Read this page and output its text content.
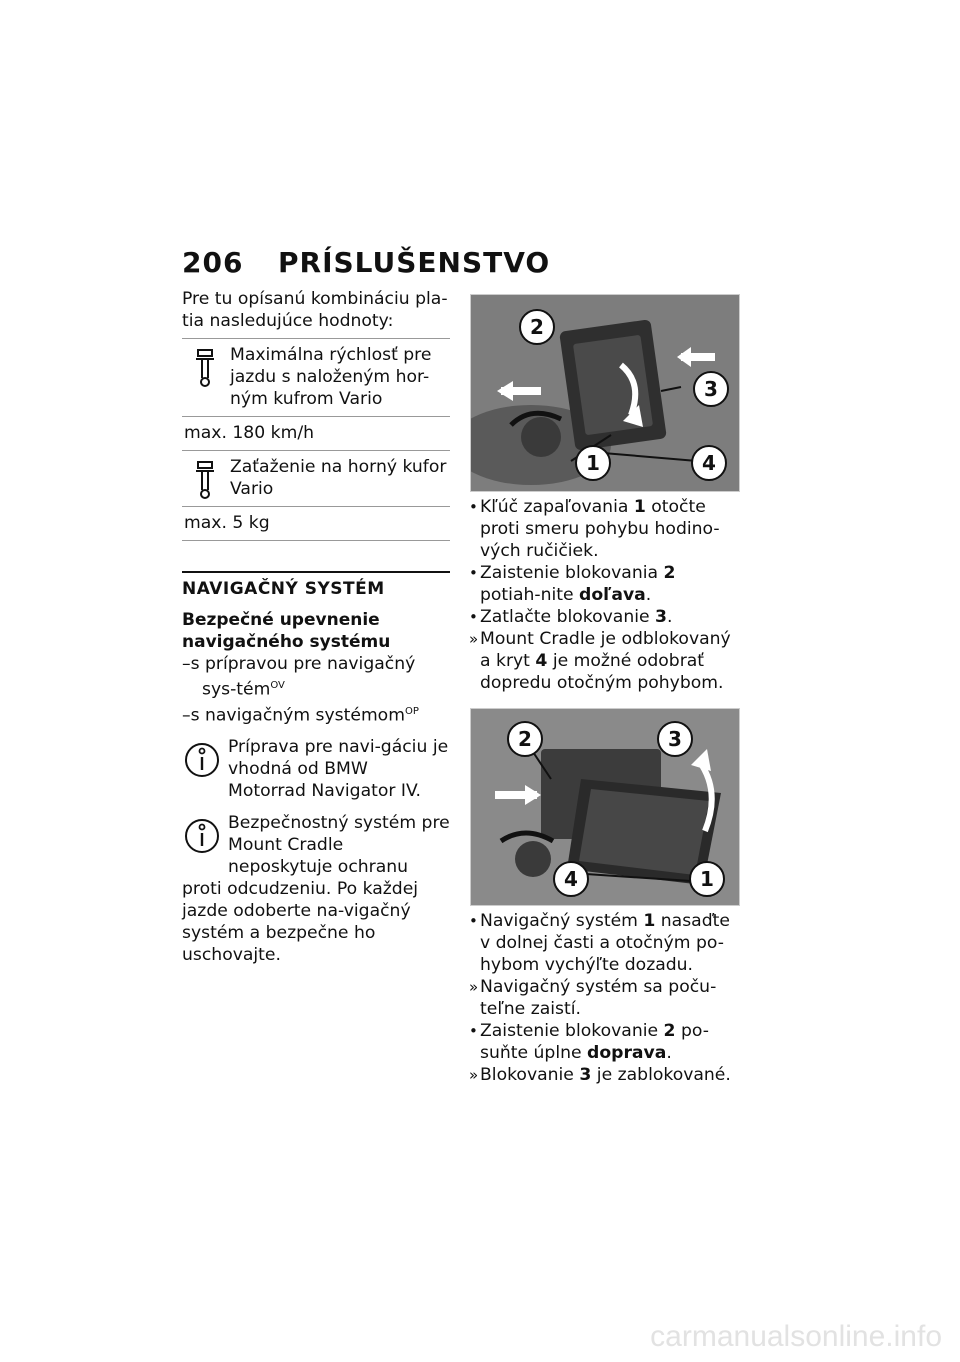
206 PRÍSLUŠENSTVO

Pre tu opísanú kombináciu pla-tia nasledujúce hodnoty:

Maximálna rýchlosť pre jazdu s naloženým hor-ným kufrom Vario
max. 180 km/h
Zaťaženie na horný kufor Vario
max. 5 kg
NAVIGAČNÝ SYSTÉM
Bezpečné upevnenie navigačného systému
–s prípravou pre navigačný sys-tém$^{OV}$
–s navigačným systémom$^{OP}$
Príprava pre navi-gáciu je vhodná od BMW Motorrad Navigator IV.
Bezpečnostný systém pre Mount Cradle neposkytuje ochranu proti odcudzeniu. Po každej jazde odoberte na-vigačný systém a bezpečne ho uschovajte.
2
3
1	4
• Kľúč zapaľovania 1 otočte proti smeru pohybu hodino-vých ručičiek.
• Zaistenie blokovania 2 potiah-nite doľava.
• Zatlačte blokovanie 3.
» Mount Cradle je odblokovaný a kryt 4 je možné odobrať dopredu otočným pohybom.
2	3
4	1
• Navigačný systém 1 nasaďte v dolnej časti a otočným po-hybom vychýľte dozadu.
» Navigačný systém sa poču-teľne zaistí.
• Zaistenie blokovanie 2 po-suňte úplne doprava.
» Blokovanie 3 je zablokované.
carmanualsonline.info
